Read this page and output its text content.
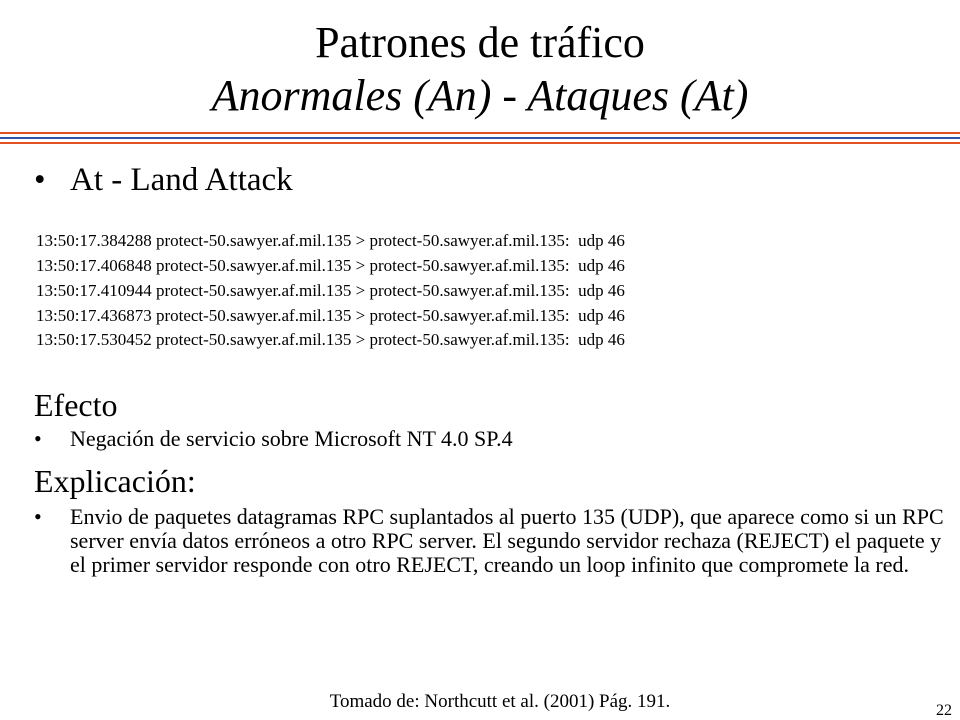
Patrones de tráfico
Anormales (An) - Ataques (At)
• At - Land Attack
13:50:17.384288 protect-50.sawyer.af.mil.135 > protect-50.sawyer.af.mil.135:  udp 46
13:50:17.406848 protect-50.sawyer.af.mil.135 > protect-50.sawyer.af.mil.135:  udp 46
13:50:17.410944 protect-50.sawyer.af.mil.135 > protect-50.sawyer.af.mil.135:  udp 46
13:50:17.436873 protect-50.sawyer.af.mil.135 > protect-50.sawyer.af.mil.135:  udp 46
13:50:17.530452 protect-50.sawyer.af.mil.135 > protect-50.sawyer.af.mil.135:  udp 46
Efecto
• Negación de servicio sobre Microsoft NT 4.0 SP.4
Explicación:
• Envio de paquetes datagramas RPC suplantados al puerto 135 (UDP), que aparece como si un RPC server envía datos erróneos a otro RPC server. El segundo servidor rechaza (REJECT) el paquete y el primer servidor responde con otro REJECT, creando un loop infinito que compromete la red.
Tomado de: Northcutt et al. (2001) Pág. 191.	22
